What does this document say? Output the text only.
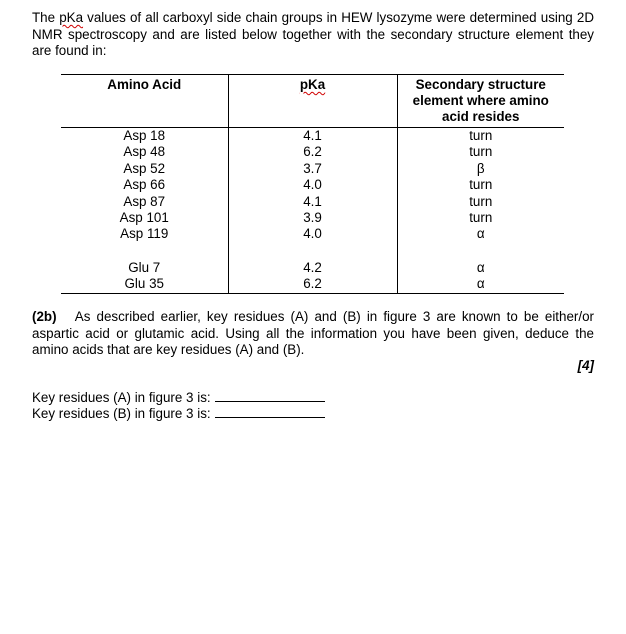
The pKa values of all carboxyl side chain groups in HEW lysozyme were determined using 2D NMR spectroscopy and are listed below together with the secondary structure element they are found in:
Amino Acid	pKa	Secondary structure element where amino acid resides
Asp 18	4.1	turn
Asp 48	6.2	turn
Asp 52	3.7	β
Asp 66	4.0	turn
Asp 87	4.1	turn
Asp 101	3.9	turn
Asp 119	4.0	α

Glu 7	4.2	α
Glu 35	6.2	α
(2b) As described earlier, key residues (A) and (B) in figure 3 are known to be either/or aspartic acid or glutamic acid. Using all the information you have been given, deduce the amino acids that are key residues (A) and (B).
[4]
Key residues (A) in figure 3 is:
Key residues (B) in figure 3 is:
